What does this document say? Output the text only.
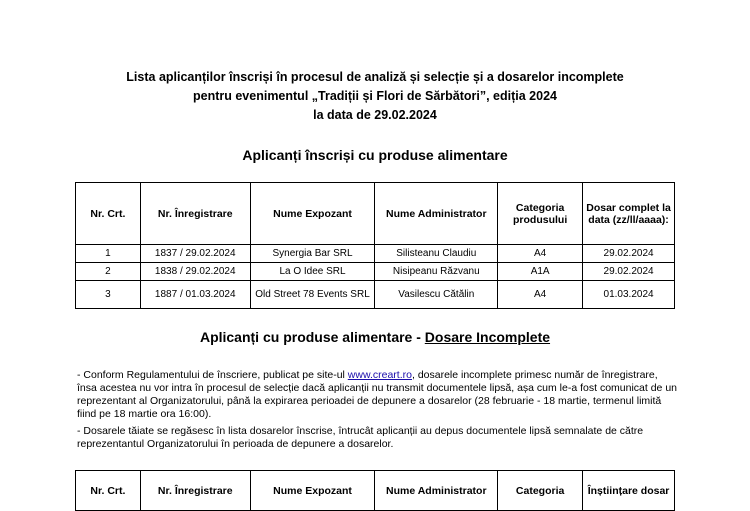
Lista aplicanților înscriși în procesul de analiză și selecție și a dosarelor incomplete
pentru evenimentul „Tradiții și Flori de Sărbători”, ediția 2024
la data de 29.02.2024
Aplicanți înscriși cu produse alimentare
Nr. Crt.	Nr. Înregistrare	Nume Expozant	Nume Administrator	Categoria produsului	Dosar complet la data (zz/ll/aaaa):
1	1837 / 29.02.2024	Synergia Bar SRL	Silisteanu Claudiu	A4	29.02.2024
2	1838 / 29.02.2024	La O Idee SRL	Nisipeanu Răzvanu	A1A	29.02.2024
3	1887 / 01.03.2024	Old Street 78 Events SRL	Vasilescu Cătălin	A4	01.03.2024
Aplicanți cu produse alimentare - Dosare Incomplete
- Conform Regulamentului de înscriere, publicat pe site-ul www.creart.ro, dosarele incomplete primesc număr de înregistrare, însa acestea nu vor intra în procesul de selecție dacă aplicanții nu transmit documentele lipsă, așa cum le-a fost comunicat de un reprezentant al Organizatorului, până la expirarea perioadei de depunere a dosarelor (28 februarie - 18 martie, termenul limită fiind pe 18 martie ora 16:00).
- Dosarele tăiate se regăsesc în lista dosarelor înscrise, întrucât aplicanții au depus documentele lipsă semnalate de către reprezentantul Organizatorului în perioada de depunere a dosarelor.
Nr. Crt.	Nr. Înregistrare	Nume Expozant	Nume Administrator	Categoria	Înștiințare dosar
